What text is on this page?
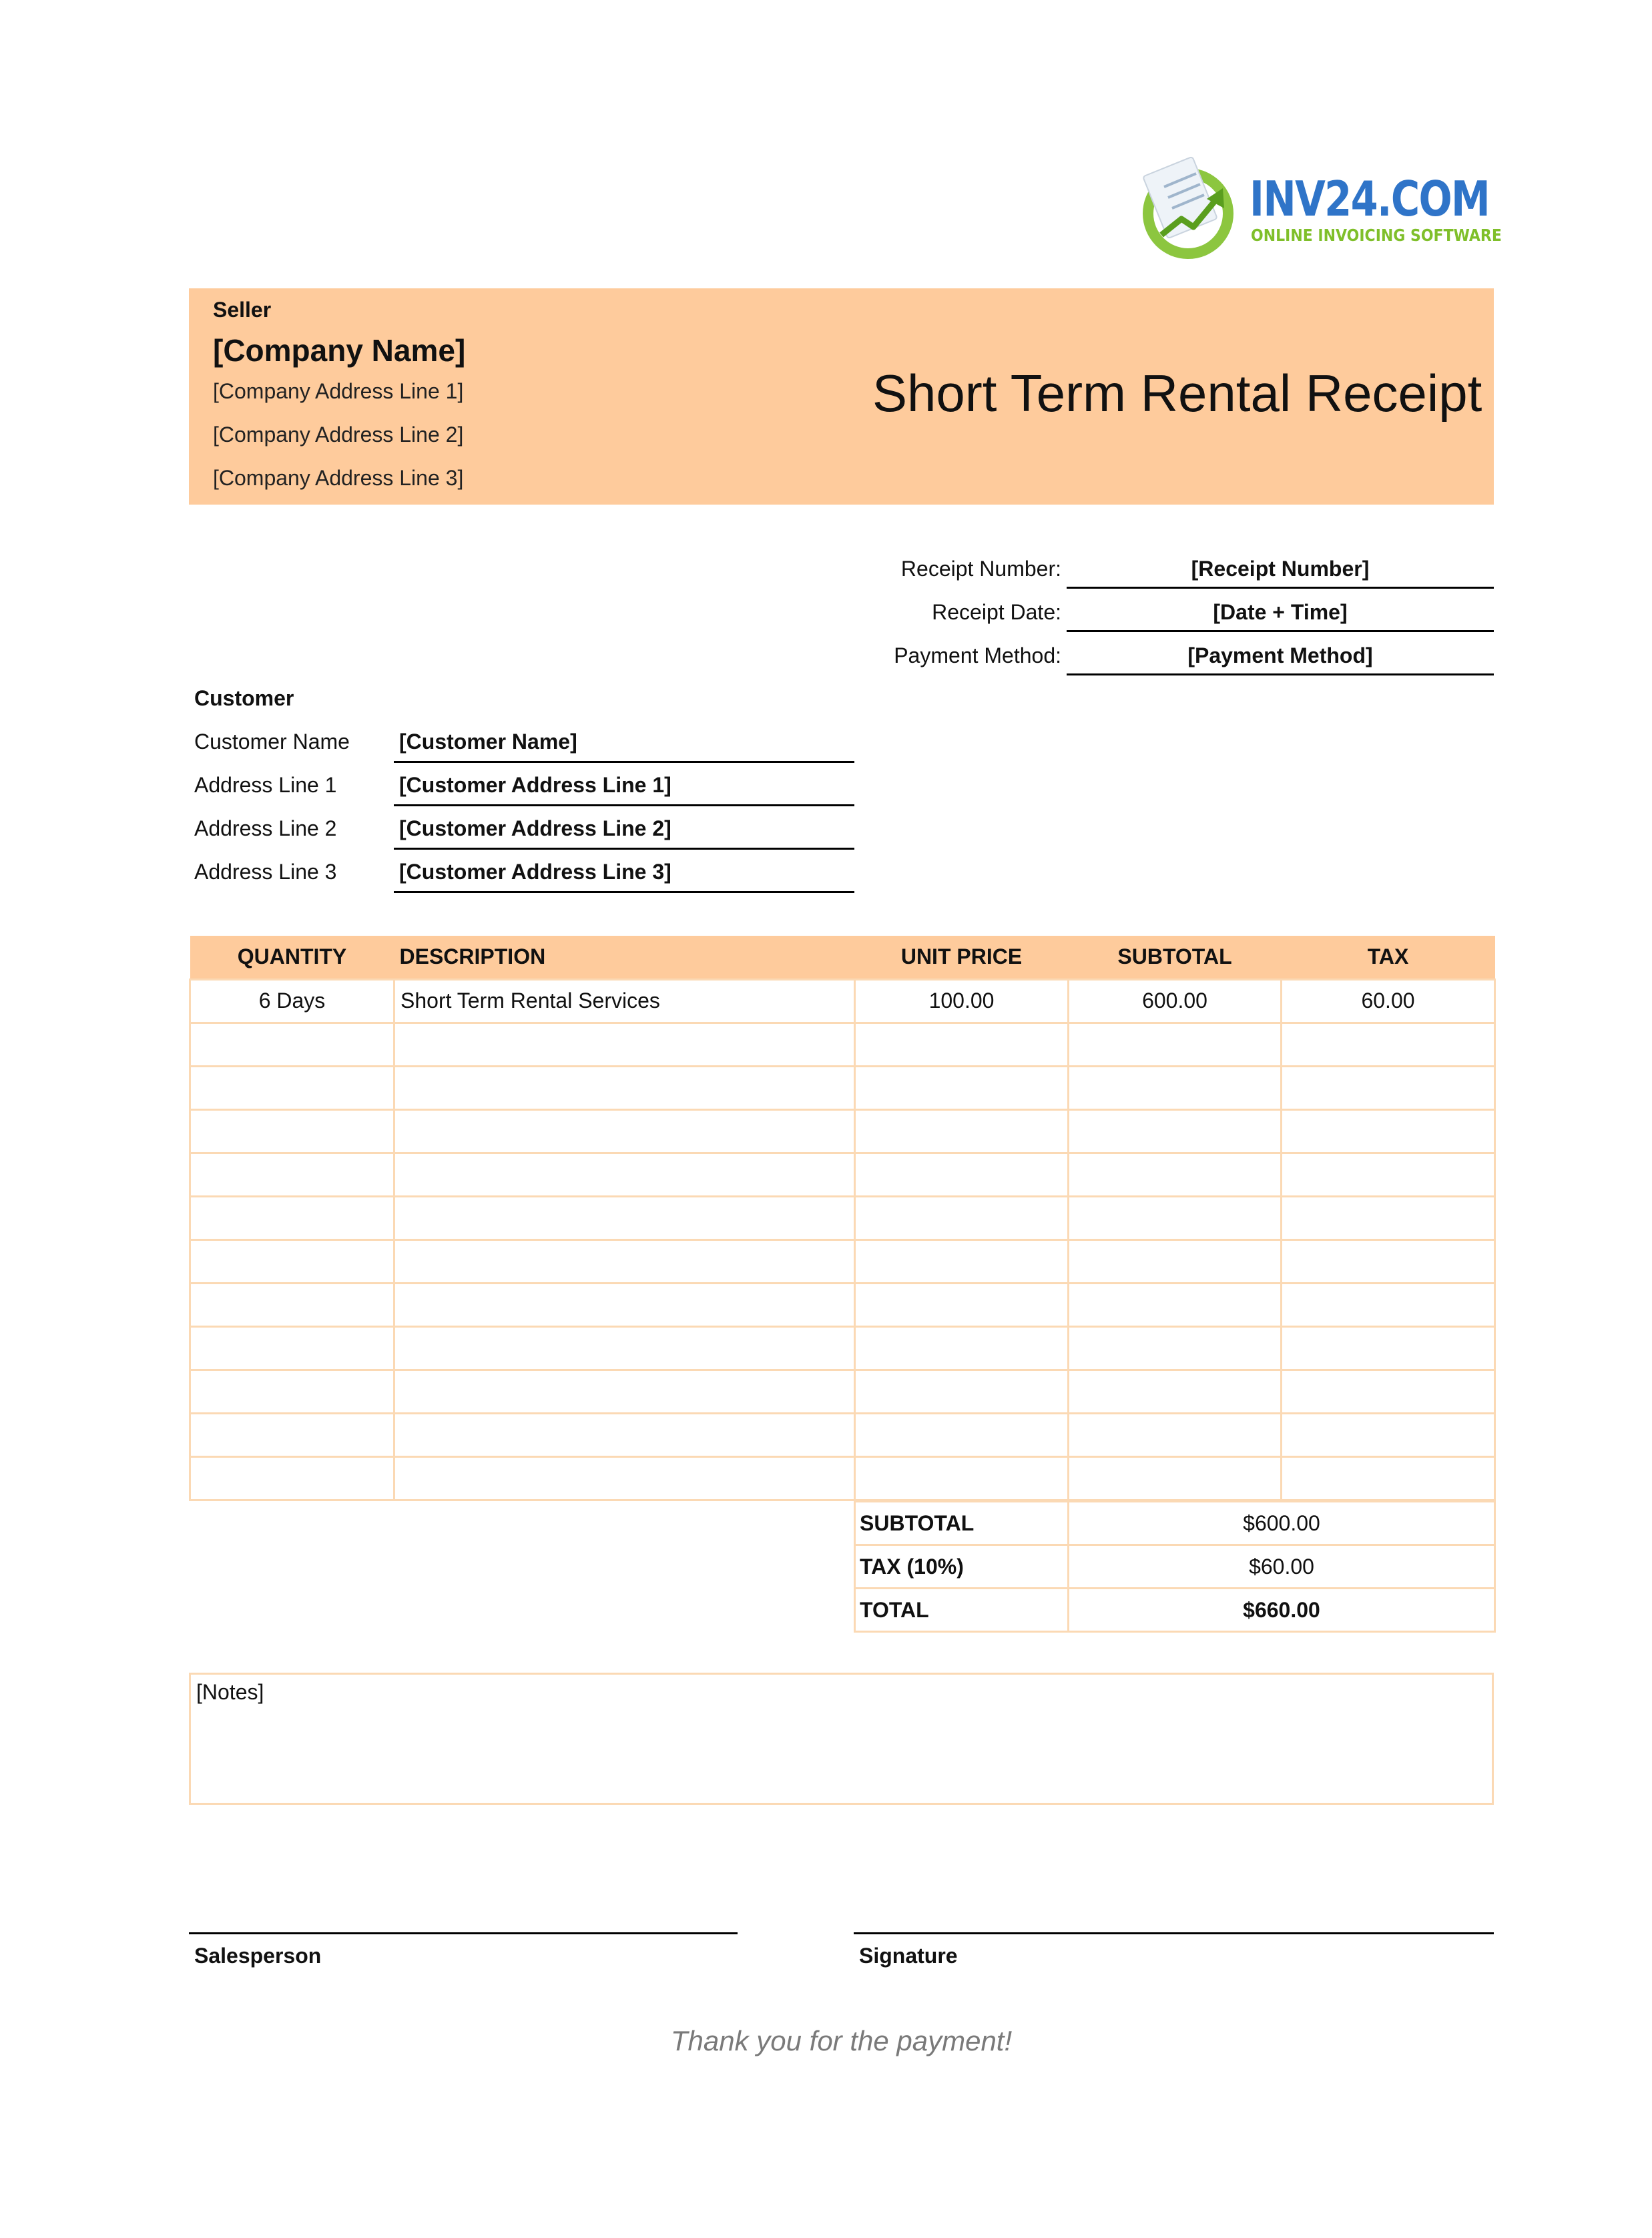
INV24.COM
ONLINE INVOICING SOFTWARE
Seller
[Company Name]
[Company Address Line 1]
[Company Address Line 2]
[Company Address Line 3]
Short Term Rental Receipt
Receipt Number:	[Receipt Number]
Receipt Date:	[Date + Time]
Payment Method:	[Payment Method]
Customer
Customer Name [Customer Name]
Address Line 1	[Customer Address Line 1]
Address Line 2	[Customer Address Line 2]
Address Line 3	[Customer Address Line 3]
QUANTITY	DESCRIPTION	UNIT PRICE	SUBTOTAL	TAX
6 Days	Short Term Rental Services	100.00	600.00	60.00

SUBTOTAL	$600.00
TAX (10%)	$60.00
TOTAL	$660.00
[Notes]
Salesperson	Signature
Thank you for the payment!
